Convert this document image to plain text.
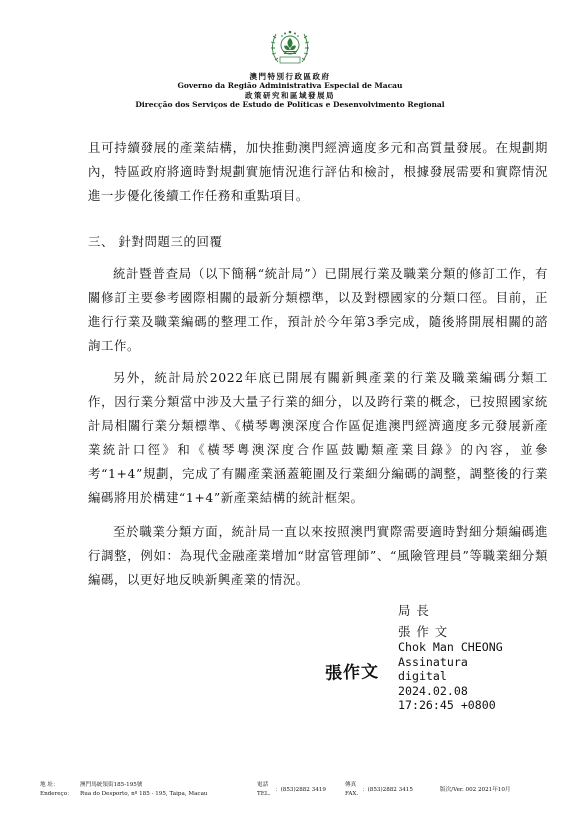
澳門特別行政區政府
Governo da Região Administrativa Especial de Macau
政策研究和區域發展局
Direcção dos Serviços de Estudo de Políticas e Desenvolvimento Regional

且可持續發展的產業結構，加快推動澳門經濟適度多元和高質量發展。在規劃期內，特區政府將適時對規劃實施情況進行評估和檢討，根據發展需要和實際情況進一步優化後續工作任務和重點項目。

三、 針對問題三的回覆

統計暨普查局（以下簡稱“統計局”）已開展行業及職業分類的修訂工作，有關修訂主要參考國際相關的最新分類標準，以及對標國家的分類口徑。目前，正進行行業及職業編碼的整理工作，預計於今年第3季完成，隨後將開展相關的諮詢工作。

另外，統計局於2022年底已開展有關新興產業的行業及職業編碼分類工作，因行業分類當中涉及大量子行業的細分，以及跨行業的概念，已按照國家統計局相關行業分類標準、《橫琴粵澳深度合作區促進澳門經濟適度多元發展新產業統計口徑》和《橫琴粵澳深度合作區鼓勵類產業目錄》的內容，並參考“1+4”規劃，完成了有關產業涵蓋範圍及行業細分編碼的調整，調整後的行業編碼將用於構建“1+4”新產業結構的統計框架。

至於職業分類方面，統計局一直以來按照澳門實際需要適時對細分類編碼進行調整，例如：為現代金融產業增加“財富管理師”、“風險管理員”等職業細分類編碼，以更好地反映新興產業的情況。

局長
張作文
Chok Man CHEONG
Assinatura
digital
2024.02.08
17:26:45 +0800
張作文
地 址：	澳門馬統領街185-195號
Endereço： Rua do Desporto, nº 185 - 195, Taipa, Macau
電話
TEL.
：(853)2882 3419
傳真
FAX.
：(853)2882 3415	版次/Ver. 002 2021年10月
